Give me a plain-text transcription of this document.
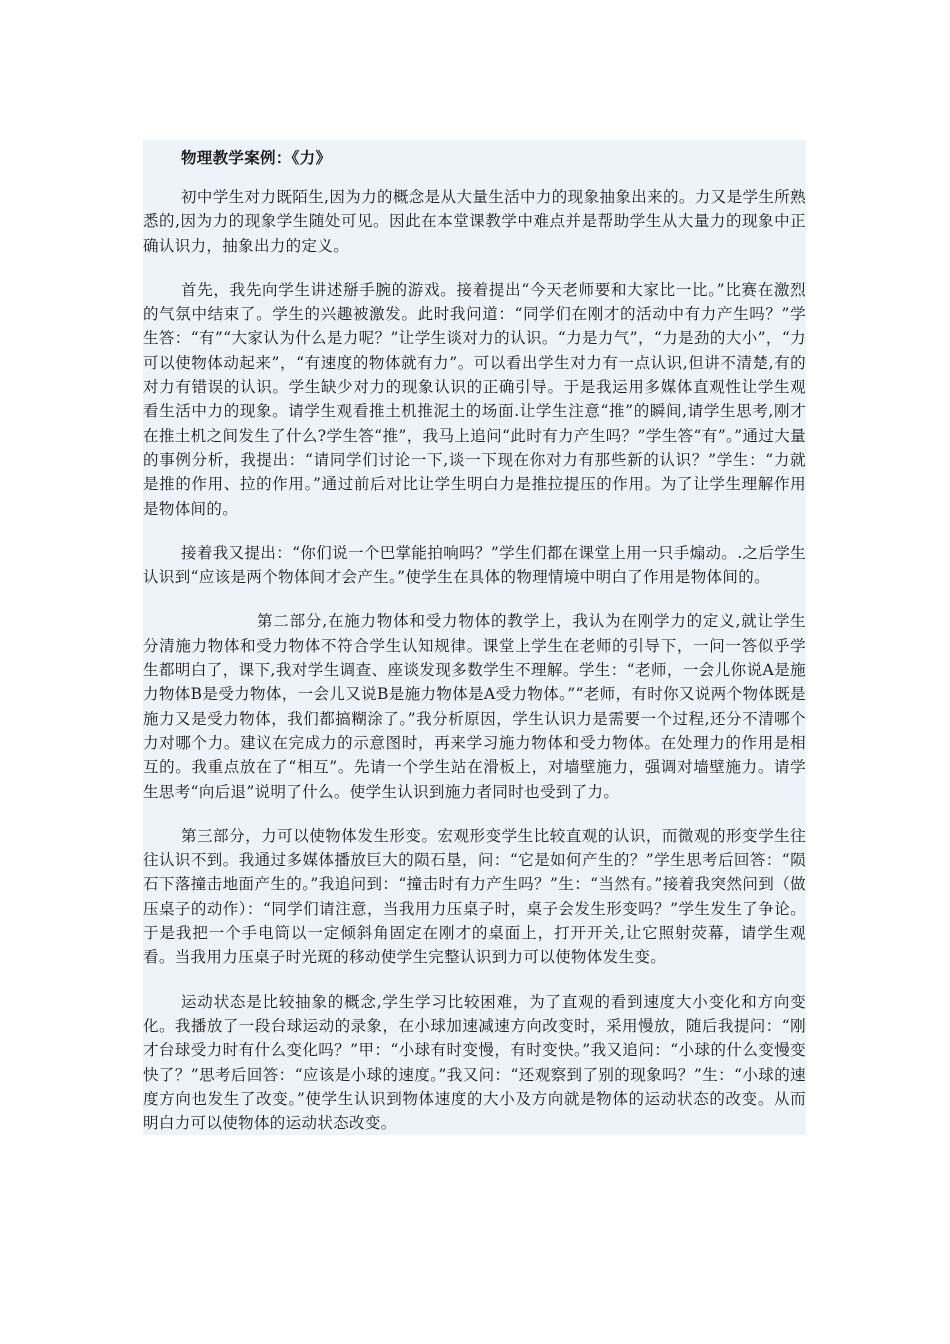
物理教学案例：《力》

初中学生对力既陌生,因为力的概念是从大量生活中力的现象抽象出来的。力又是学生所熟悉的,因为力的现象学生随处可见。因此在本堂课教学中难点并是帮助学生从大量力的现象中正确认识力，抽象出力的定义。

首先，我先向学生讲述掰手腕的游戏。接着提出“今天老师要和大家比一比。”比赛在激烈的气氛中结束了。学生的兴趣被激发。此时我问道：“同学们在刚才的活动中有力产生吗？”学生答：“有”“大家认为什么是力呢？”让学生谈对力的认识。“力是力气”，“力是劲的大小”，“力可以使物体动起来”，“有速度的物体就有力”。可以看出学生对力有一点认识,但讲不清楚,有的对力有错误的认识。学生缺少对力的现象认识的正确引导。于是我运用多媒体直观性让学生观看生活中力的现象。请学生观看推土机推泥土的场面.让学生注意“推”的瞬间,请学生思考,刚才在推土机之间发生了什么?学生答“推”，我马上追问“此时有力产生吗？”学生答“有”。”通过大量的事例分析，我提出：“请同学们讨论一下,谈一下现在你对力有那些新的认识？”学生：“力就是推的作用、拉的作用。”通过前后对比让学生明白力是推拉提压的作用。为了让学生理解作用是物体间的。

接着我又提出：“你们说一个巴掌能拍响吗？”学生们都在课堂上用一只手煽动。.之后学生认识到“应该是两个物体间才会产生。”使学生在具体的物理情境中明白了作用是物体间的。

第二部分,在施力物体和受力物体的教学上，我认为在刚学力的定义,就让学生分清施力物体和受力物体不符合学生认知规律。课堂上学生在老师的引导下，一问一答似乎学生都明白了，课下,我对学生调查、座谈发现多数学生不理解。学生：“老师，一会儿你说A是施力物体B是受力物体，一会儿又说B是施力物体是A受力物体。”“老师，有时你又说两个物体既是施力又是受力物体，我们都搞糊涂了。”我分析原因，学生认识力是需要一个过程,还分不清哪个力对哪个力。建议在完成力的示意图时，再来学习施力物体和受力物体。在处理力的作用是相互的。我重点放在了“相互”。先请一个学生站在滑板上，对墙壁施力，强调对墙壁施力。请学生思考“向后退”说明了什么。使学生认识到施力者同时也受到了力。

第三部分，力可以使物体发生形变。宏观形变学生比较直观的认识，而微观的形变学生往往认识不到。我通过多媒体播放巨大的陨石垦，问：“它是如何产生的？”学生思考后回答：“陨石下落撞击地面产生的。”我追问到：“撞击时有力产生吗？”生：“当然有。”接着我突然问到（做压桌子的动作）：“同学们请注意，当我用力压桌子时，桌子会发生形变吗？”学生发生了争论。于是我把一个手电筒以一定倾斜角固定在刚才的桌面上，打开开关,让它照射荧幕，请学生观看。当我用力压桌子时光斑的移动使学生完整认识到力可以使物体发生变。

运动状态是比较抽象的概念,学生学习比较困难，为了直观的看到速度大小变化和方向变化。我播放了一段台球运动的录象，在小球加速减速方向改变时，采用慢放，随后我提问：“刚才台球受力时有什么变化吗？”甲：“小球有时变慢，有时变快。”我又追问：“小球的什么变慢变快了？”思考后回答：“应该是小球的速度。”我又问：“还观察到了别的现象吗？”生：“小球的速度方向也发生了改变。”使学生认识到物体速度的大小及方向就是物体的运动状态的改变。从而明白力可以使物体的运动状态改变。
